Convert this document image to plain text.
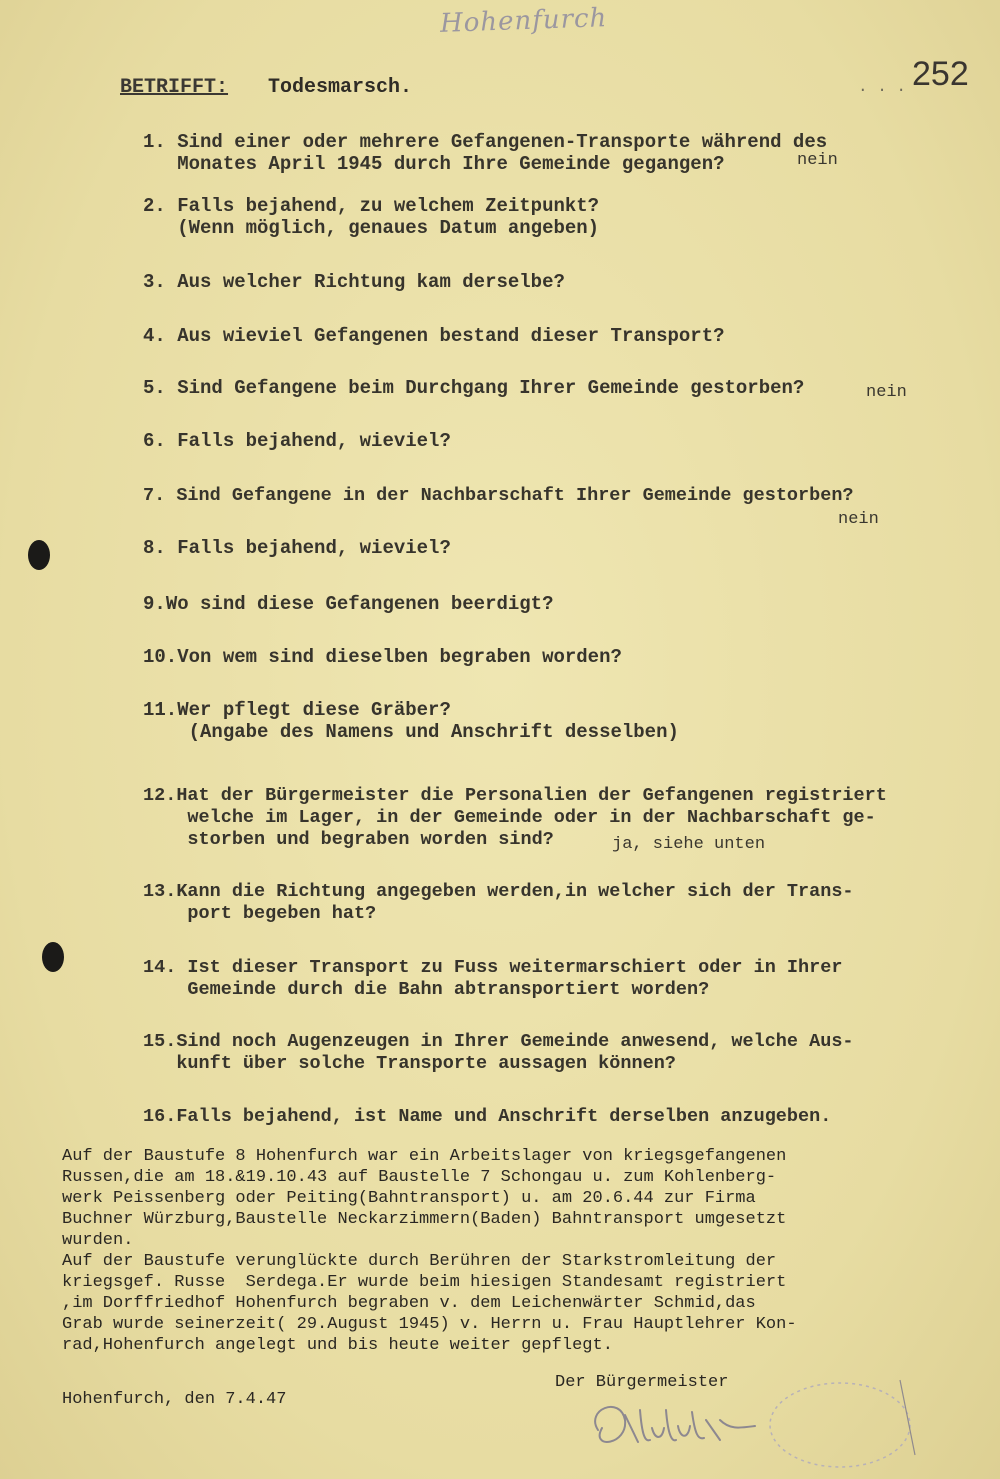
Hohenfurch
. . . 252
BETRIFFT: Todesmarsch.
1. Sind einer oder mehrere Gefangenen-Transporte während des
Monates April 1945 durch Ihre Gemeinde gegangen?	nein
2. Falls bejahend, zu welchem Zeitpunkt?
(Wenn möglich, genaues Datum angeben)
3. Aus welcher Richtung kam derselbe?
4. Aus wieviel Gefangenen bestand dieser Transport?
5. Sind Gefangene beim Durchgang Ihrer Gemeinde gestorben?	nein
6. Falls bejahend, wieviel?
7. Sind Gefangene in der Nachbarschaft Ihrer Gemeinde gestorben?
nein
8. Falls bejahend, wieviel?
9.Wo sind diese Gefangenen beerdigt?
10.Von wem sind dieselben begraben worden?
11.Wer pflegt diese Gräber?
(Angabe des Namens und Anschrift desselben)
12.Hat der Bürgermeister die Personalien der Gefangenen registriert
welche im Lager, in der Gemeinde oder in der Nachbarschaft ge-
storben und begraben worden sind?	ja, siehe unten
13.Kann die Richtung angegeben werden,in welcher sich der Trans-
port begeben hat?
14. Ist dieser Transport zu Fuss weitermarschiert oder in Ihrer
Gemeinde durch die Bahn abtransportiert worden?
15.Sind noch Augenzeugen in Ihrer Gemeinde anwesend, welche Aus-
kunft über solche Transporte aussagen können?
16.Falls bejahend, ist Name und Anschrift derselben anzugeben.
Auf der Baustufe 8 Hohenfurch war ein Arbeitslager von kriegsgefangenen
Russen,die am 18.&19.10.43 auf Baustelle 7 Schongau u. zum Kohlenberg-
werk Peissenberg oder Peiting(Bahntransport) u. am 20.6.44 zur Firma
Buchner Würzburg,Baustelle Neckarzimmern(Baden) Bahntransport umgesetzt
wurden.
Auf der Baustufe verunglückte durch Berühren der Starkstromleitung der
kriegsgef. Russe  Serdega.Er wurde beim hiesigen Standesamt registriert
,im Dorffriedhof Hohenfurch begraben v. dem Leichenwärter Schmid,das
Grab wurde seinerzeit( 29.August 1945) v. Herrn u. Frau Hauptlehrer Kon-
rad,Hohenfurch angelegt und bis heute weiter gepflegt.
Der Bürgermeister
Hohenfurch, den 7.4.47
